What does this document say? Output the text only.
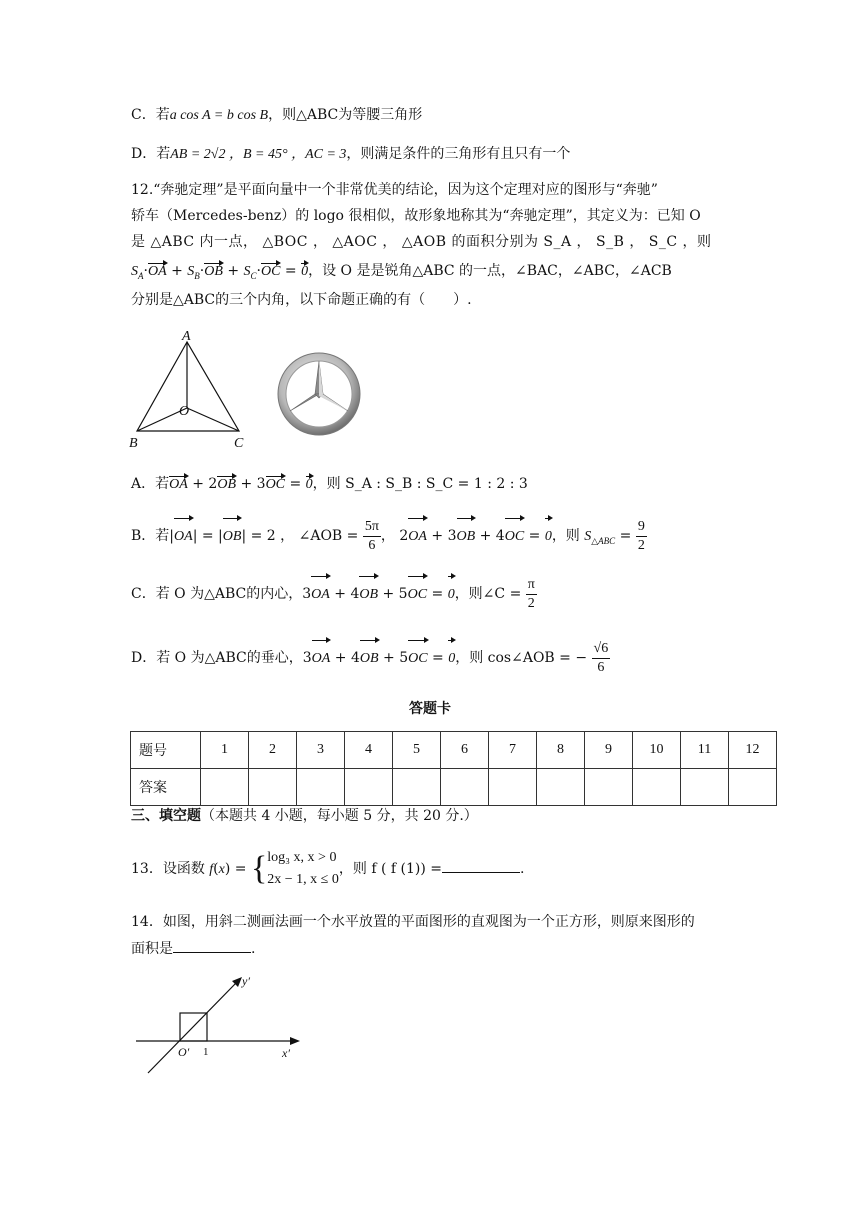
C．若a cos A = b cos B，则△ABC为等腰三角形
D．若AB = 2√2 ，B = 45° ，AC = 3，则满足条件的三角形有且只有一个
12.“奔驰定理”是平面向量中一个非常优美的结论，因为这个定理对应的图形与“奔驰”
轿车（Mercedes-benz）的 logo 很相似，故形象地称其为“奔驰定理”，其定义为：已知 O
是 △ABC 内一点， △BOC ， △AOC ， △AOB 的面积分别为 S_A ， S_B ， S_C ，则
$S_A\cdot OA + S_B\cdot OB + S_C\cdot OC = 0$，设 O 是是锐角△ABC 的一点，∠BAC，∠ABC，∠ACB
分别是△ABC的三个内角，以下命题正确的有（　　）.
A
B	C
O
A．若OA + 2OB + 3OC = 0，则 S_A : S_B : S_C = 1 : 2 : 3
B．若|OA| = |OB| = 2 ， ∠AOB = $\frac{5\pi}{6}$ ， 2OA + 3OB + 4OC = 0，则 $S_{\triangle ABC} = \frac{9}{2}$
C．若 O 为△ABC的内心，3OA + 4OB + 5OC = 0，则∠C = $\frac{\pi}{2}$
D．若 O 为△ABC的垂心，3OA + 4OB + 5OC = 0，则 cos∠AOB = − $\frac{√6}{6}$
答题卡
题号	1	2	3	4	5	6	7	8	9	10	11	12
答案												
三、填空题（本题共 4 小题，每小题 5 分，共 20 分.）
13．设函数 f(x) = { log₃ x, x > 0
2x − 1, x ≤ 0
，则 f ( f (1)) =	.
14．如图，用斜二测画法画一个水平放置的平面图形的直观图为一个正方形，则原来图形的
面积是	.
y′
x′
O′ 1
